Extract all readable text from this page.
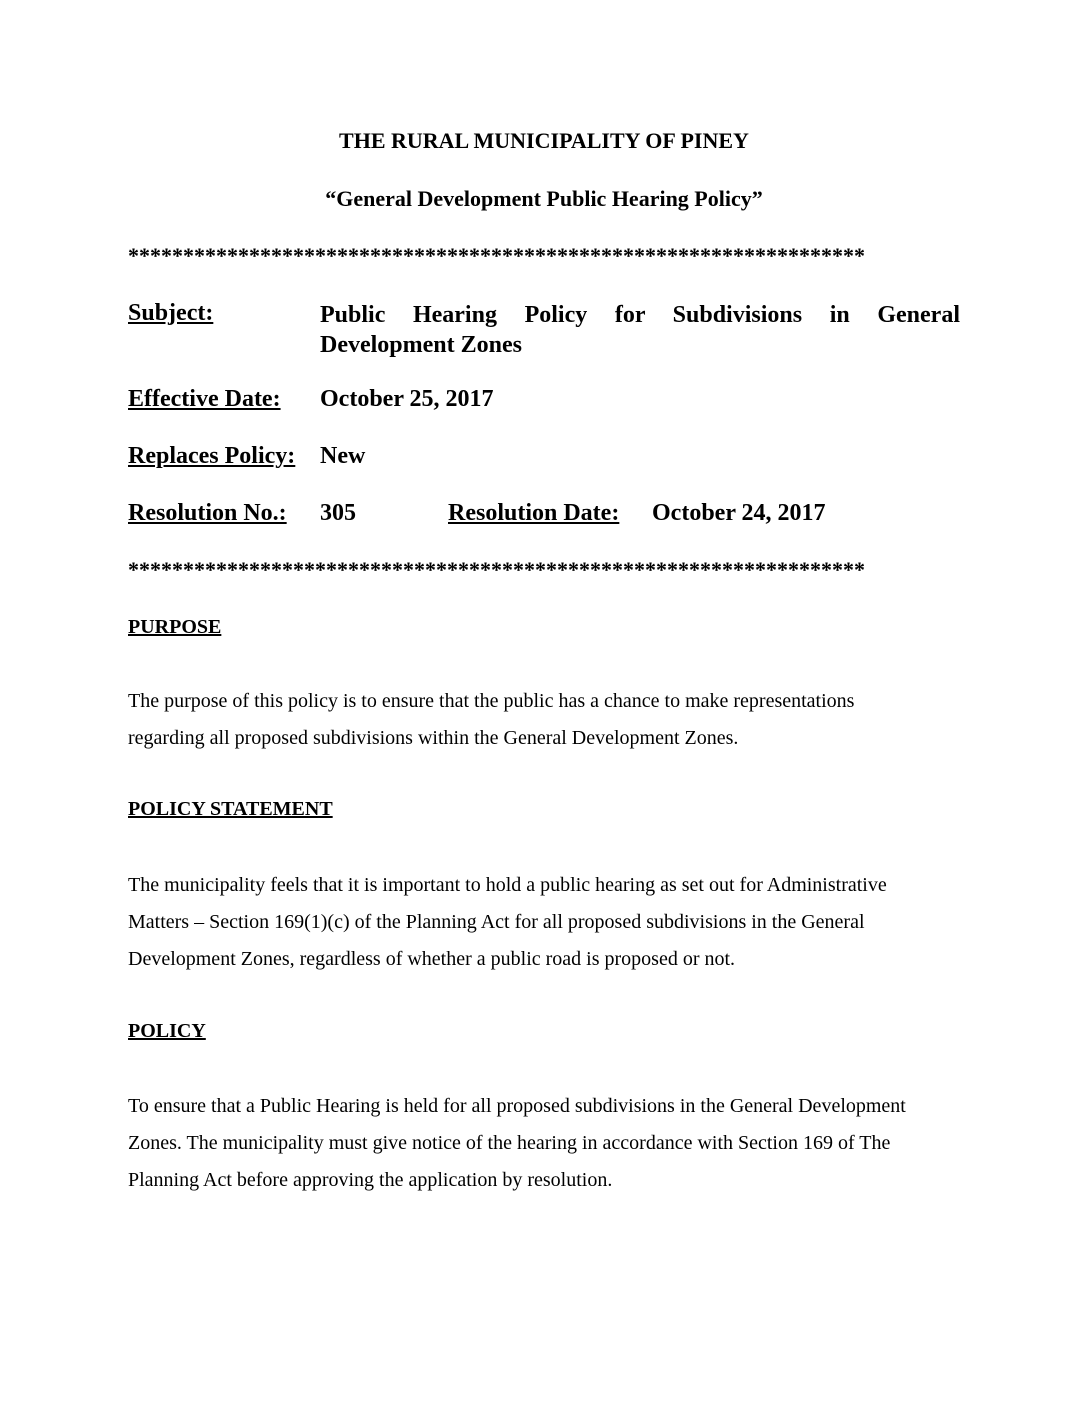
THE RURAL MUNICIPALITY OF PINEY
“General Development Public Hearing Policy”
*******************************************************************
Subject:	Public Hearing Policy for Subdivisions in General Development Zones
Effective Date: October 25, 2017
Replaces Policy: New
Resolution No.: 305	Resolution Date: October 24, 2017
*******************************************************************
PURPOSE
The purpose of this policy is to ensure that the public has a chance to make representations
regarding all proposed subdivisions within the General Development Zones.
POLICY STATEMENT
The municipality feels that it is important to hold a public hearing as set out for Administrative
Matters – Section 169(1)(c) of the Planning Act for all proposed subdivisions in the General
Development Zones, regardless of whether a public road is proposed or not.
POLICY
To ensure that a Public Hearing is held for all proposed subdivisions in the General Development
Zones. The municipality must give notice of the hearing in accordance with Section 169 of The
Planning Act before approving the application by resolution.
